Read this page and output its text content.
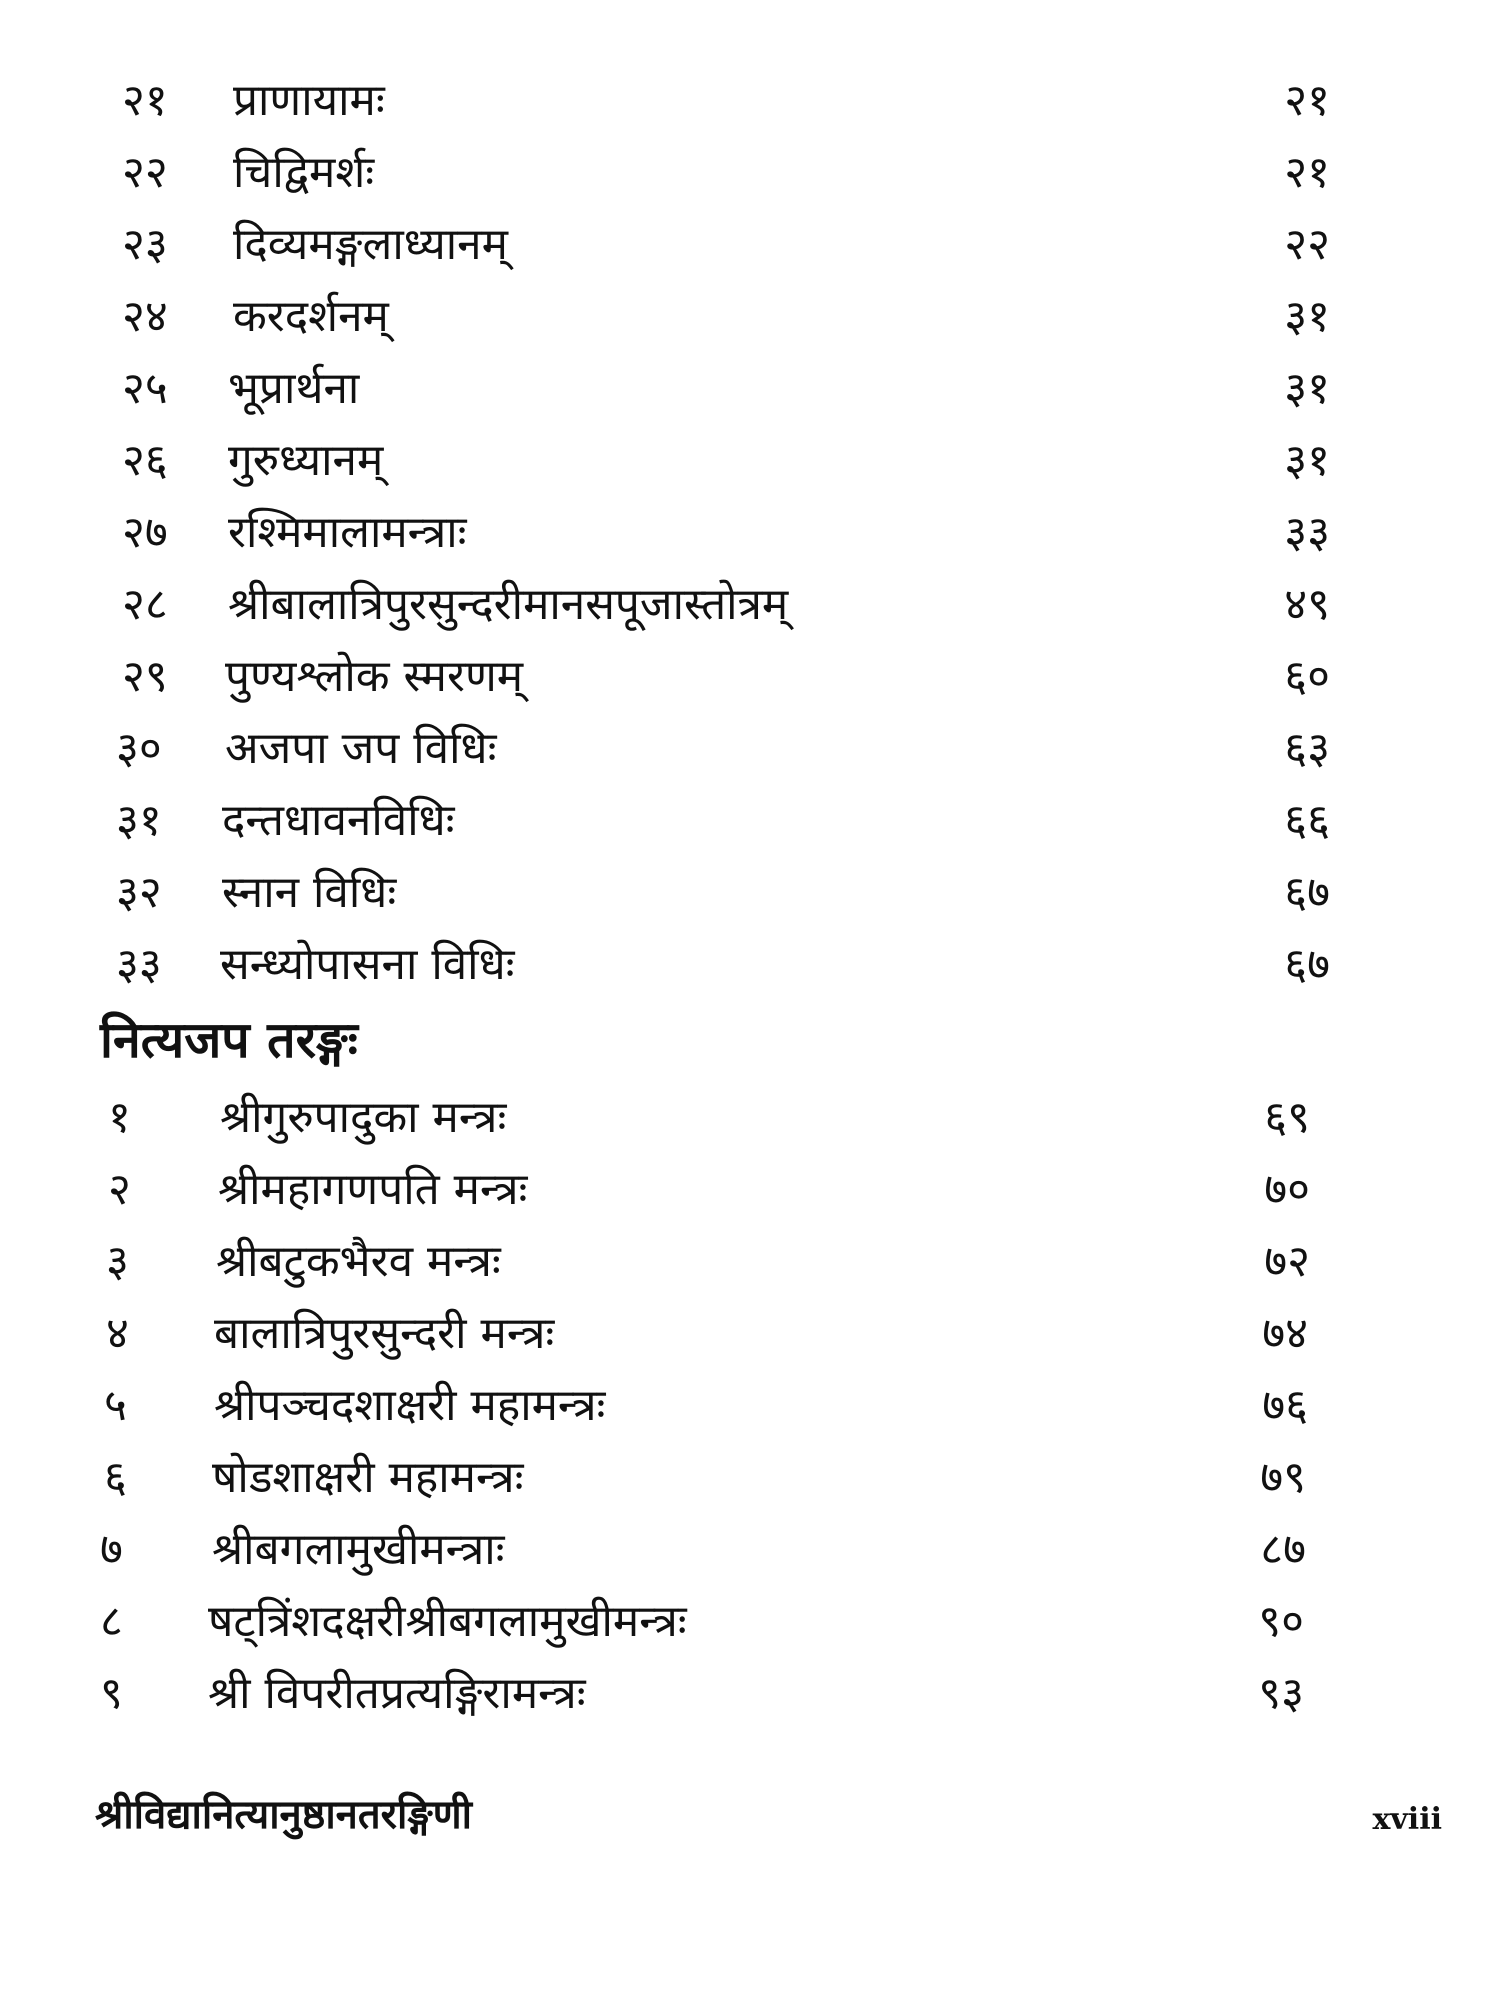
२१ प्राणायामः	२१
२२ चिद्विमर्शः	२१
२३ दिव्यमङ्गलाध्यानम्	२२
२४ करदर्शनम्	३१
२५ भूप्रार्थना	३१
२६ गुरुध्यानम्	३१
२७ रश्मिमालामन्त्राः	३३
२८ श्रीबालात्रिपुरसुन्दरीमानसपूजास्तोत्रम्	४९
२९ पुण्यश्लोक स्मरणम्	६०
३० अजपा जप विधिः	६३
३१ दन्तधावनविधिः	६६
३२ स्नान विधिः	६७
३३ सन्ध्योपासना विधिः	६७
नित्यजप तरङ्गः
१ श्रीगुरुपादुका मन्त्रः	६९
२ श्रीमहागणपति मन्त्रः	७०
३ श्रीबटुकभैरव मन्त्रः	७२
४ बालात्रिपुरसुन्दरी मन्त्रः	७४
५ श्रीपञ्चदशाक्षरी महामन्त्रः	७६
६ षोडशाक्षरी महामन्त्रः	७९
७ श्रीबगलामुखीमन्त्राः	८७
८ षट्त्रिंशदक्षरीश्रीबगलामुखीमन्त्रः	९०
९ श्री विपरीतप्रत्यङ्गिरामन्त्रः	९३
श्रीविद्यानित्यानुष्ठानतरङ्गिणी	xviii
